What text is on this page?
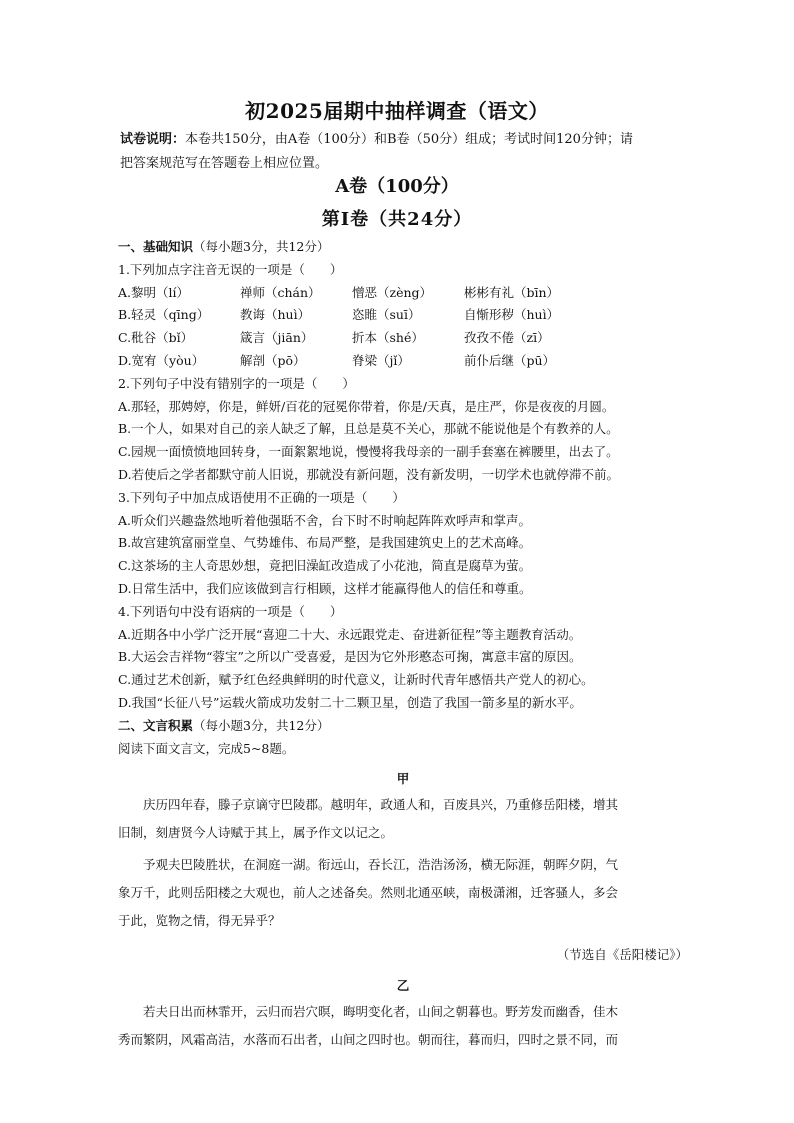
初2025届期中抽样调查（语文）
试卷说明：本卷共150分，由A卷（100分）和B卷（50分）组成；考试时间120分钟；请
把答案规范写在答题卷上相应位置。
A卷（100分）
第Ⅰ卷（共24分）
一、基础知识（每小题3分，共12分）
1.下列加点字注音无误的一项是（　　）
A.黎明（lí）	禅师（chán）	憎恶（zèng）	彬彬有礼（bīn）
B.轻灵（qīng）	教诲（huì）	恣睢（suī）	自惭形秽（huì）
C.秕谷（bǐ）	箴言（jiān）	折本（shé）	孜孜不倦（zī）
D.宽宥（yòu）	解剖（pō）	脊梁（jǐ）	前仆后继（pū）
2.下列句子中没有错别字的一项是（　　）
A.那轻，那娉婷，你是，鲜妍/百花的冠冕你带着，你是/天真，是庄严，你是夜夜的月圆。
B.一个人，如果对自己的亲人缺乏了解，且总是莫不关心，那就不能说他是个有教养的人。
C.园规一面愤愤地回转身，一面絮絮地说，慢慢将我母亲的一副手套塞在裤腰里，出去了。
D.若使后之学者都默守前人旧说，那就没有新问题，没有新发明，一切学术也就停滞不前。
3.下列句子中加点成语使用不正确的一项是（　　）
A.听众们兴趣盎然地听着他强聒不舍，台下时不时响起阵阵欢呼声和掌声。
B.故宫建筑富丽堂皇、气势雄伟、布局严整，是我国建筑史上的艺术高峰。
C.这茶场的主人奇思妙想，竟把旧澡缸改造成了小花池，简直是腐草为萤。
D.日常生活中，我们应该做到言行相顾，这样才能赢得他人的信任和尊重。
4.下列语句中没有语病的一项是（　　）
A.近期各中小学广泛开展“喜迎二十大、永远跟党走、奋进新征程”等主题教育活动。
B.大运会吉祥物“蓉宝”之所以广受喜爱，是因为它外形憨态可掬，寓意丰富的原因。
C.通过艺术创新，赋予红色经典鲜明的时代意义，让新时代青年感悟共产党人的初心。
D.我国“长征八号”运载火箭成功发射二十二颗卫星，创造了我国一箭多星的新水平。
二、文言积累（每小题3分，共12分）
阅读下面文言文，完成5~8题。
甲
庆历四年春，滕子京谪守巴陵郡。越明年，政通人和，百废具兴，乃重修岳阳楼，增其
旧制，刻唐贤今人诗赋于其上，属予作文以记之。
予观夫巴陵胜状，在洞庭一湖。衔远山，吞长江，浩浩汤汤，横无际涯，朝晖夕阴，气
象万千，此则岳阳楼之大观也，前人之述备矣。然则北通巫峡，南极潇湘，迁客骚人，多会
于此，览物之情，得无异乎？
（节选自《岳阳楼记》）
乙
若夫日出而林霏开，云归而岩穴暝，晦明变化者，山间之朝暮也。野芳发而幽香，佳木
秀而繁阴，风霜高洁，水落而石出者，山间之四时也。朝而往，暮而归，四时之景不同，而
